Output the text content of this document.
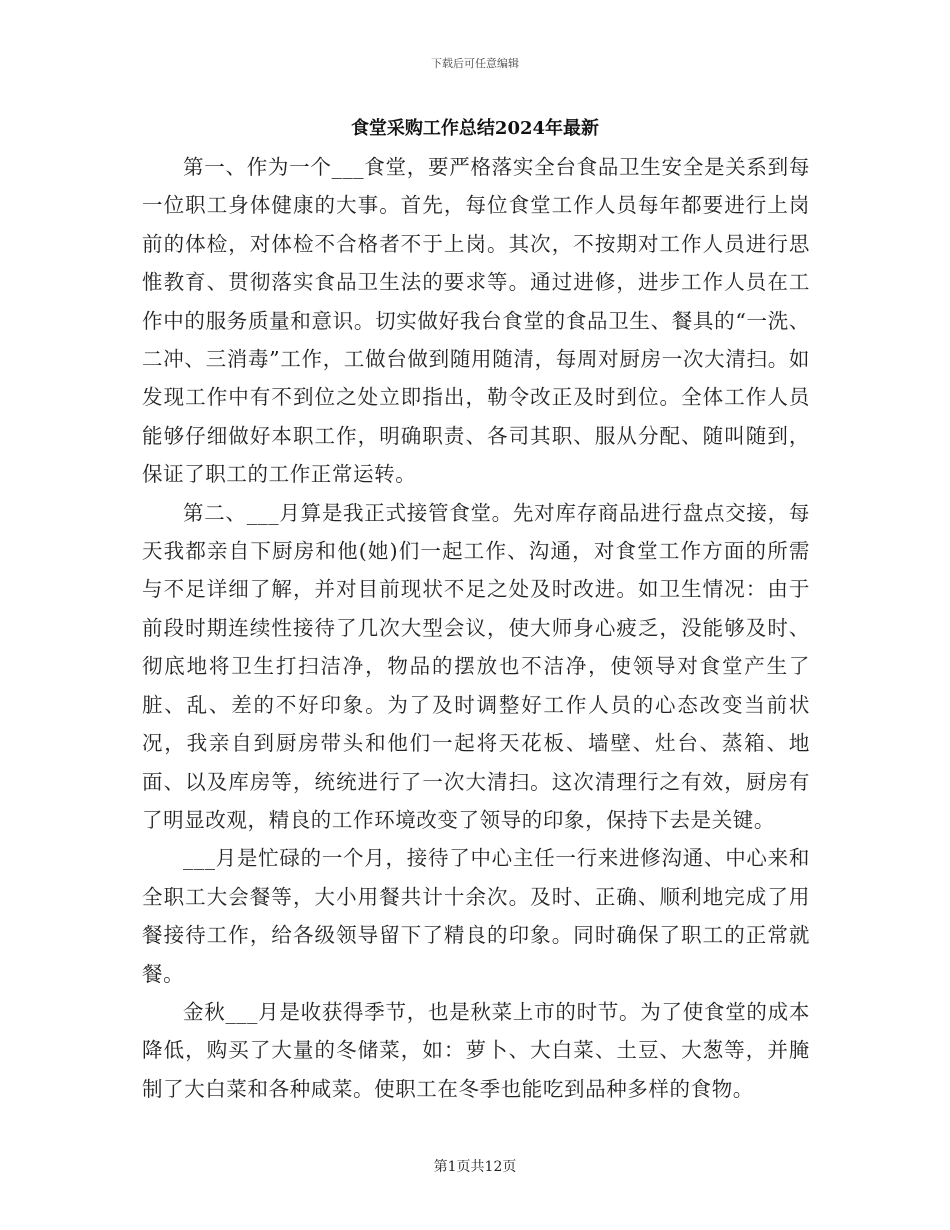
下载后可任意编辑
食堂采购工作总结2024年最新

第一、作为一个___食堂，要严格落实全台食品卫生安全是关系到每一位职工身体健康的大事。首先，每位食堂工作人员每年都要进行上岗前的体检，对体检不合格者不于上岗。其次，不按期对工作人员进行思惟教育、贯彻落实食品卫生法的要求等。通过进修，进步工作人员在工作中的服务质量和意识。切实做好我台食堂的食品卫生、餐具的“一洗、二冲、三消毒”工作，工做台做到随用随清，每周对厨房一次大清扫。如发现工作中有不到位之处立即指出，勒令改正及时到位。全体工作人员能够仔细做好本职工作，明确职责、各司其职、服从分配、随叫随到，保证了职工的工作正常运转。

第二、___月算是我正式接管食堂。先对库存商品进行盘点交接，每天我都亲自下厨房和他(她)们一起工作、沟通，对食堂工作方面的所需与不足详细了解，并对目前现状不足之处及时改进。如卫生情况：由于前段时期连续性接待了几次大型会议，使大师身心疲乏，没能够及时、彻底地将卫生打扫洁净，物品的摆放也不洁净，使领导对食堂产生了脏、乱、差的不好印象。为了及时调整好工作人员的心态改变当前状况，我亲自到厨房带头和他们一起将天花板、墙壁、灶台、蒸箱、地面、以及库房等，统统进行了一次大清扫。这次清理行之有效，厨房有了明显改观，精良的工作环境改变了领导的印象，保持下去是关键。

___月是忙碌的一个月，接待了中心主任一行来进修沟通、中心来和全职工大会餐等，大小用餐共计十余次。及时、正确、顺利地完成了用餐接待工作，给各级领导留下了精良的印象。同时确保了职工的正常就餐。

金秋___月是收获得季节，也是秋菜上市的时节。为了使食堂的成本降低，购买了大量的冬储菜，如：萝卜、大白菜、土豆、大葱等，并腌制了大白菜和各种咸菜。使职工在冬季也能吃到品种多样的食物。

第1页共12页
